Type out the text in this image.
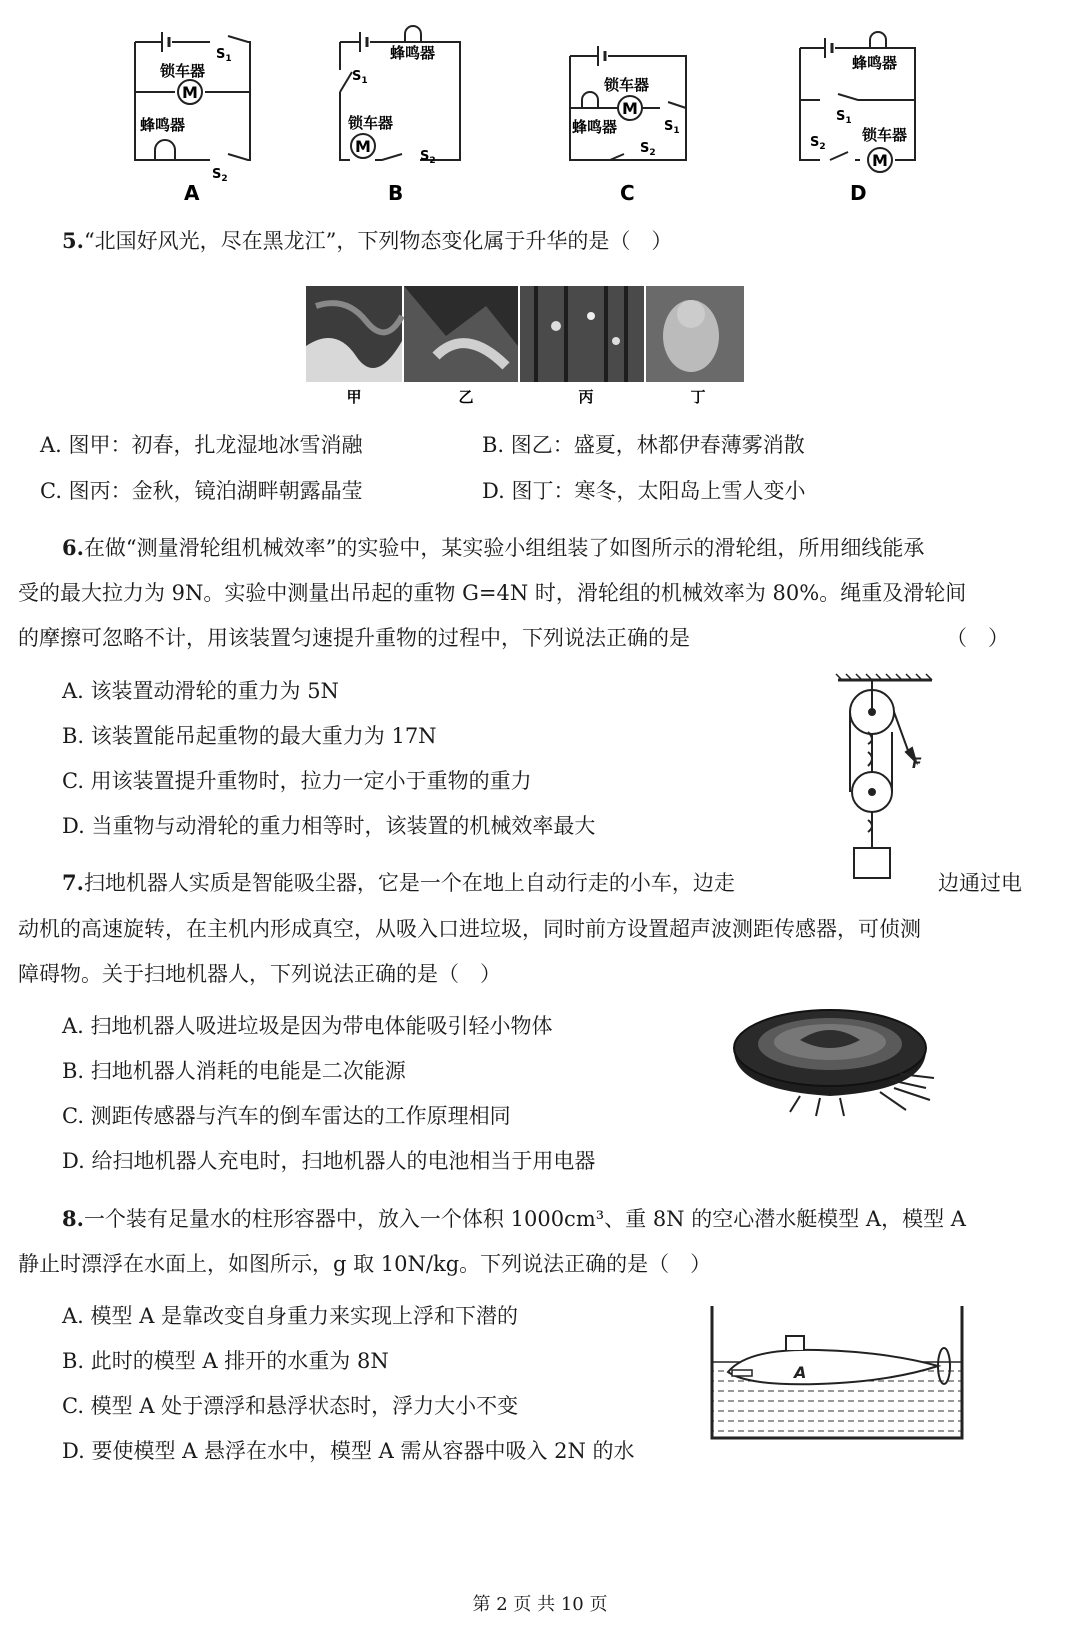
M
锁车器
蜂鸣器
$S_1$
$S_2$
A
M
蜂鸣器
锁车器
$S_1$
$S_2$
B
M
锁车器
蜂鸣器	$S_1$
$S_2$
C
M
蜂鸣器
锁车器
$S_1$
$S_2$
D
5.“北国好风光，尽在黑龙江”，下列物态变化属于升华的是（　）
甲	乙	丙	丁
A. 图甲：初春，扎龙湿地冰雪消融	B. 图乙：盛夏，林都伊春薄雾消散
C. 图丙：金秋，镜泊湖畔朝露晶莹	D. 图丁：寒冬，太阳岛上雪人变小
6.在做“测量滑轮组机械效率”的实验中，某实验小组组装了如图所示的滑轮组，所用细线能承
受的最大拉力为 9N。实验中测量出吊起的重物 G=4N 时，滑轮组的机械效率为 80%。绳重及滑轮间
的摩擦可忽略不计，用该装置匀速提升重物的过程中，下列说法正确的是	（　）
A. 该装置动滑轮的重力为 5N
B. 该装置能吊起重物的最大重力为 17N
C. 用该装置提升重物时，拉力一定小于重物的重力
D. 当重物与动滑轮的重力相等时，该装置的机械效率最大
F
7.扫地机器人实质是智能吸尘器，它是一个在地上自动行走的小车，边走	边通过电
动机的高速旋转，在主机内形成真空，从吸入口进垃圾，同时前方设置超声波测距传感器，可侦测
障碍物。关于扫地机器人，下列说法正确的是（　）
A. 扫地机器人吸进垃圾是因为带电体能吸引轻小物体
B. 扫地机器人消耗的电能是二次能源
C. 测距传感器与汽车的倒车雷达的工作原理相同
D. 给扫地机器人充电时，扫地机器人的电池相当于用电器
8.一个装有足量水的柱形容器中，放入一个体积 1000cm³、重 8N 的空心潜水艇模型 A，模型 A
静止时漂浮在水面上，如图所示，g 取 10N/kg。下列说法正确的是（　）
A. 模型 A 是靠改变自身重力来实现上浮和下潜的
B. 此时的模型 A 排开的水重为 8N
C. 模型 A 处于漂浮和悬浮状态时，浮力大小不变
D. 要使模型 A 悬浮在水中，模型 A 需从容器中吸入 2N 的水
A
第 2 页 共 10 页
